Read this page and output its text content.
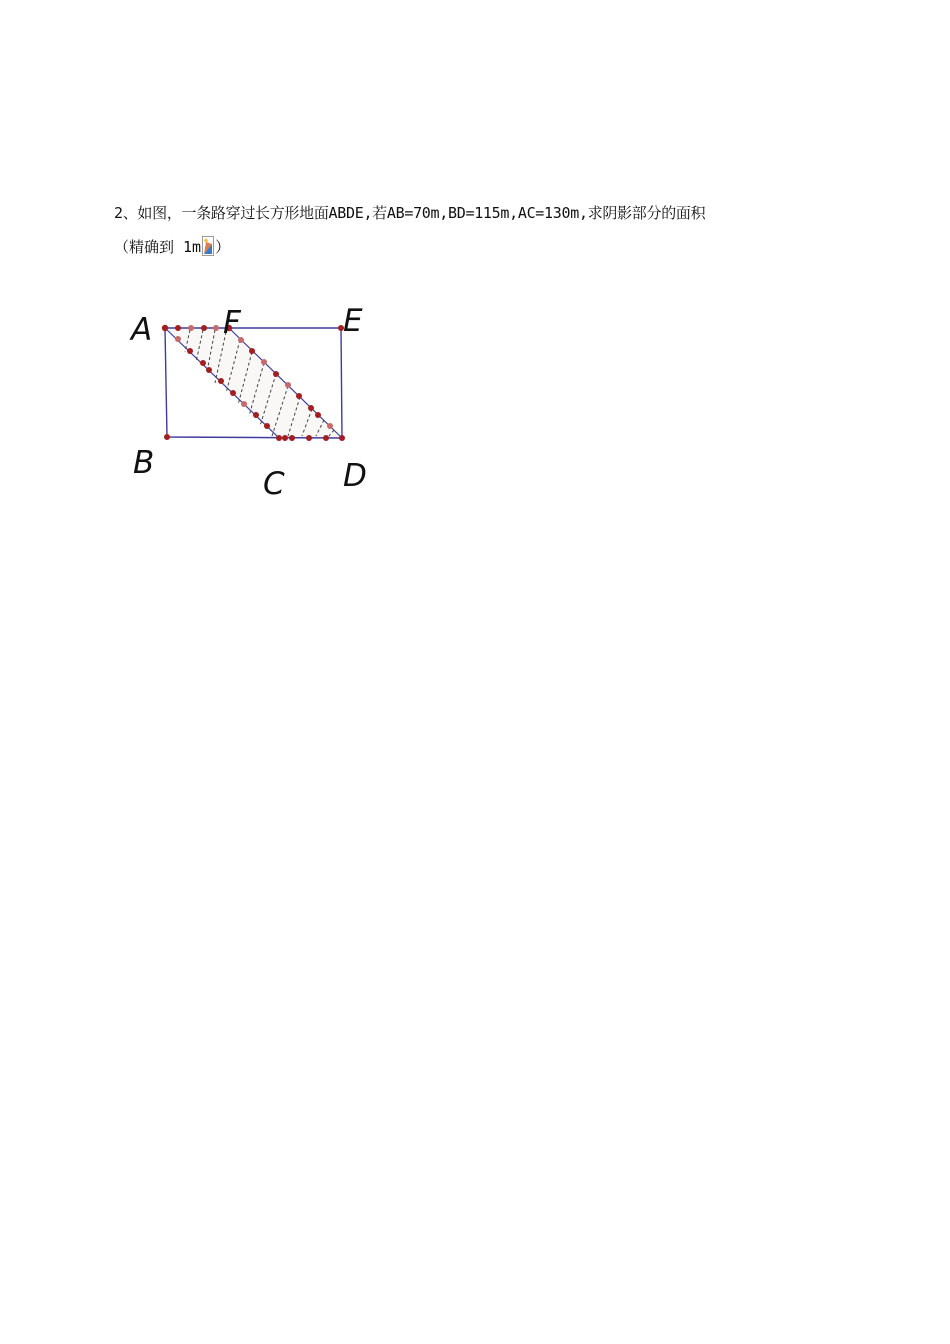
2、如图，一条路穿过长方形地面ABDE,若AB=70m,BD=115m,AC=130m,求阴影部分的面积
（精确到 1m ）
A F	E
B
C D
